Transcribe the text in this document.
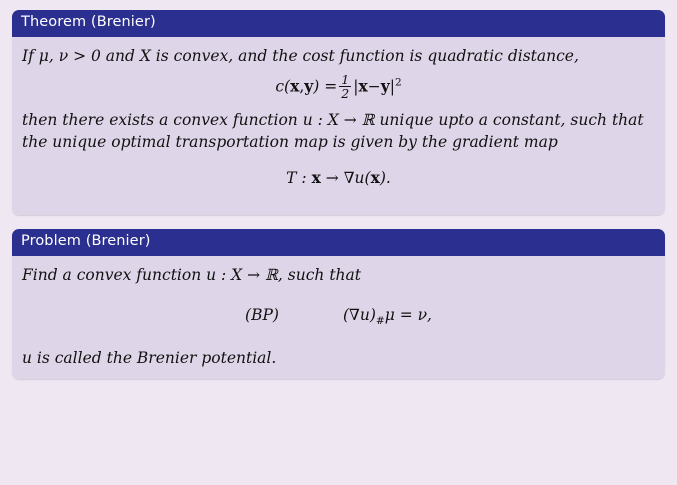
Theorem (Brenier)

If μ, ν > 0 and X is convex, and the cost function is quadratic distance,

$c(x,y) = \frac{1}{2} |x-y|^2$

then there exists a convex function u : X → ℝ unique upto a constant, such that the unique optimal transportation map is given by the gradient map

T : x → ∇u(x).
Problem (Brenier)

Find a convex function u : X → ℝ, such that

(BP)	$(\nabla u)_{\#}\mu = \nu$,

u is called the Brenier potential.
